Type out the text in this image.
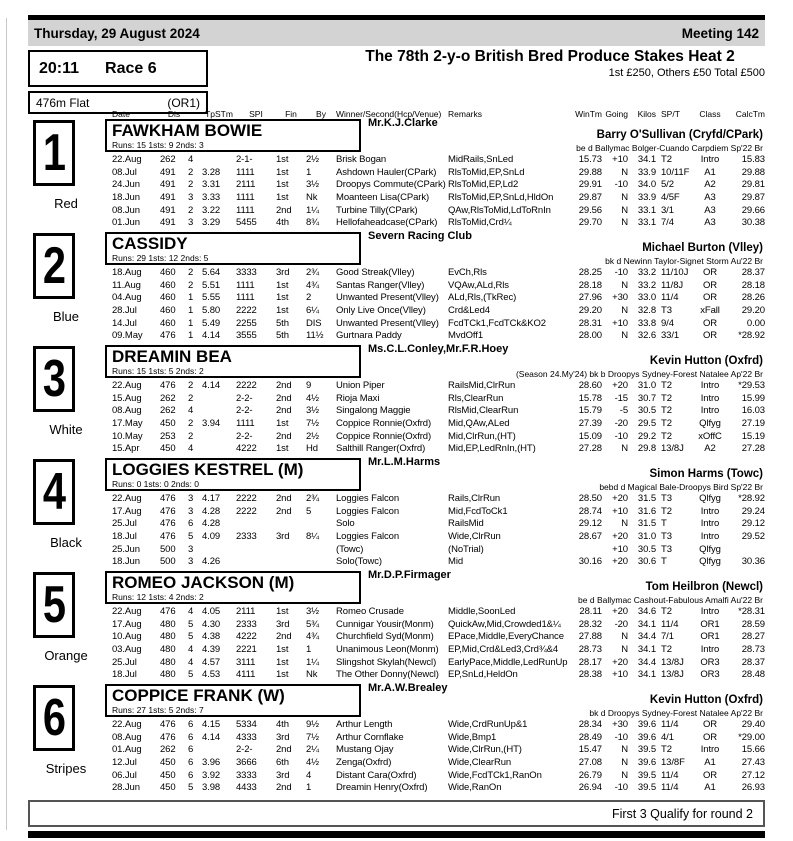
Thursday, 29 August 2024	Meeting 142
20:11 Race 6
476m Flat	(OR1)
The 78th 2-y-o British Bred Produce Stakes Heat 2
1st £250, Others £50 Total £500
Date	Dis	TpSTm	SPI	Fin	By	Winner/Second(Hcp/Venue) Remarks	WinTm Going	Kilos SP/T	Class	CalcTm
1
Red
FAWKHAM BOWIE
Runs: 15 1sts: 9 2nds: 3
Mr.K.J.Clarke
Barry O'Sullivan (Cryfd/CPark)
be d Ballymac Bolger-Cuando Carpdiem Sp'22 Br
22.Aug	262	4	2-1-	1st	2½	Brisk Bogan	MidRails,SnLed	15.73	+10	34.1 T2	Intro	15.83
08.Jul	491	2 3.28	1111	1st	1	Ashdown Hauler(CPark)	RlsToMid,EP,SnLd	29.88	N	33.9 10/11F	A1	29.88
24.Jun	491	2 3.31	2111	1st	3½	Droopys Commute(CPark) RlsToMid,EP,Ld2	29.91	-10	34.0 5/2	A2	29.81
18.Jun	491	3 3.33	1111	1st	Nk	Moanteen Lisa(CPark)	RlsToMid,EP,SnLd,HldOn	29.87	N	33.9 4/5F	A3	29.87
08.Jun	491	2 3.22	1111	2nd	1¼	Turbine Tilly(CPark)	QAw,RlsToMid,LdToRnIn	29.56	N	33.1 3/1	A3	29.66
01.Jun	491	3 3.29	5455	4th	8¾	Hellofaheadcase(CPark)	RlsToMid,Crd¼	29.70	N	33.1 7/4	A3	30.38
2
Blue
CASSIDY
Runs: 29 1sts: 12 2nds: 5
Severn Racing Club
Michael Burton (Vlley)
bk d Newinn Taylor-Signet Storm Au'22 Br
18.Aug	460	2 5.64	3333	3rd	2¾	Good Streak(Vlley)	EvCh,Rls	28.25	-10	33.2 11/10J	OR	28.37
11.Aug	460	2 5.51	1111	1st	4¾	Santas Ranger(Vlley)	VQAw,ALd,Rls	28.18	N	33.2 11/8J	OR	28.18
04.Aug	460	1 5.55	1111	1st	2	Unwanted Present(Vlley) ALd,Rls,(TkRec)	27.96	+30	33.0 11/4	OR	28.26
28.Jul	460	1 5.80	2222	1st	6¼	Only Live Once(Vlley)	Crd&Led4	29.20	N	32.8 T3	xFall	29.20
14.Jul	460	1 5.49	2255	5th	DIS	Unwanted Present(Vlley) FcdTCk1,FcdTCk&KO2	28.31	+10	33.8 9/4	OR	0.00
09.May	476	1 4.14	3555	5th	11½	Gurtnara Paddy	MvdOff1	28.00	N	32.6 33/1	OR	*28.92
3
White
DREAMIN BEA
Runs: 15 1sts: 5 2nds: 2
Ms.C.L.Conley,Mr.F.R.Hoey
Kevin Hutton (Oxfrd)
(Season 24.My'24) bk b Droopys Sydney-Forest Natalee Ap'22 Br
22.Aug	476	2 4.14	2222	2nd	9	Union Piper	RailsMid,ClrRun	28.60	+20	31.0 T2	Intro	*29.53
15.Aug	262	2	2-2-	2nd	4½	Rioja Maxi	Rls,ClearRun	15.78	-15	30.7 T2	Intro	15.99
08.Aug	262	4	2-2-	2nd	3½	Singalong Maggie	RlsMid,ClearRun	15.79	-5	30.5 T2	Intro	16.03
17.May	450	2 3.94	1111	1st	7½	Coppice Ronnie(Oxfrd)	Mid,QAw,ALed	27.39	-20	29.5 T2	Qlfyg	27.19
10.May	253	2	2-2-	2nd	2½	Coppice Ronnie(Oxfrd)	Mid,ClrRun,(HT)	15.09	-10	29.2 T2	xOffC	15.19
15.Apr	450	4	4222	1st	Hd	Salthill Ranger(Oxfrd)	Mid,EP,LedRnIn,(HT)	27.28	N	29.8 13/8J	A2	27.28
4
Black
LOGGIES KESTREL (M)
Runs: 0 1sts: 0 2nds: 0
Mr.L.M.Harms
Simon Harms (Towc)
bebd d Magical Bale-Droopys Bird Sp'22 Br
22.Aug	476	3 4.17	2222	2nd	2¾	Loggies Falcon	Rails,ClrRun	28.50	+20	31.5 T3	Qlfyg	*28.92
17.Aug	476	3 4.28	2222	2nd	5	Loggies Falcon	Mid,FcdToCk1	28.74	+10	31.6 T2	Intro	29.24
25.Jul	476	6 4.28	Solo	RailsMid	29.12	N	31.5 T	Intro	29.12
18.Jul	476	5 4.09	2333	3rd	8¼	Loggies Falcon	Wide,ClrRun	28.67	+20	31.0 T3	Intro	29.52
25.Jun	500	3	(Towc)	(NoTrial)	+10	30.5 T3	Qlfyg
18.Jun	500	3 4.26	Solo(Towc)	Mid	30.16	+20	30.6 T	Qlfyg	30.36
5
Orange
ROMEO JACKSON (M)
Runs: 12 1sts: 4 2nds: 2
Mr.D.P.Firmager
Tom Heilbron (Newcl)
be d Ballymac Cashout-Fabulous Amalfi Au'22 Br
22.Aug	476	4 4.05	2111	1st	3½	Romeo Crusade	Middle,SoonLed	28.11	+20	34.6 T2	Intro	*28.31
17.Aug	480	5 4.30	2333	3rd	5¾	Cunnigar Yousir(Monm)	QuickAw,Mid,Crowded1&¼	28.32	-20	34.1 11/4	OR1	28.59
10.Aug	480	5 4.38	4222	2nd	4¾	Churchfield Syd(Monm)	EPace,Middle,EveryChance	27.88	N	34.4 7/1	OR1	28.27
03.Aug	480	4 4.39	2221	1st	1	Unanimous Leon(Monm) EP,Mid,Crd&Led3,Crd¾&4	28.73	N	34.1 T2	Intro	28.73
25.Jul	480	4 4.57	3111	1st	1¼	Slingshot Skylah(Newcl)	EarlyPace,Middle,LedRunUp	28.17	+20	34.4 13/8J	OR3	28.37
18.Jul	480	5 4.53	4111	1st	Nk	The Other Donny(Newcl) EP,SnLd,HeldOn	28.38	+10	34.1 13/8J	OR3	28.48
6
Stripes
COPPICE FRANK (W)
Runs: 27 1sts: 5 2nds: 7
Mr.A.W.Brealey
Kevin Hutton (Oxfrd)
bk d Droopys Sydney-Forest Natalee Ap'22 Br
22.Aug	476	6 4.15	5334	4th	9½	Arthur Length	Wide,CrdRunUp&1	28.34	+30	39.6 11/4	OR	29.40
08.Aug	476	6 4.14	4333	3rd	7½	Arthur Cornflake	Wide,Bmp1	28.49	-10	39.6 4/1	OR	*29.00
01.Aug	262	6	2-2-	2nd	2¼	Mustang Ojay	Wide,ClrRun,(HT)	15.47	N	39.5 T2	Intro	15.66
12.Jul	450	6 3.96	3666	6th	4½	Zenga(Oxfrd)	Wide,ClearRun	27.08	N	39.6 13/8F	A1	27.43
06.Jul	450	6 3.92	3333	3rd	4	Distant Cara(Oxfrd)	Wide,FcdTCk1,RanOn	26.79	N	39.5 11/4	OR	27.12
28.Jun	450	5 3.98	4433	2nd	1	Dreamin Henry(Oxfrd)	Wide,RanOn	26.94	-10	39.5 11/4	A1	26.93
First 3 Qualify for round 2
